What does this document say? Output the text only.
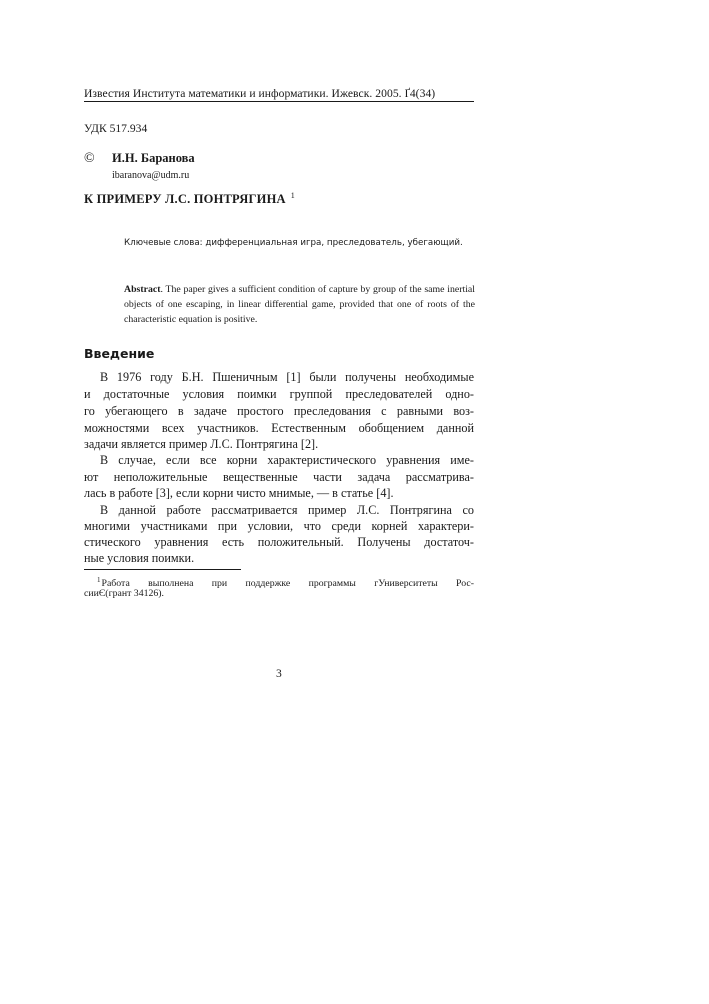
Известия Института математики и информатики. Ижевск. 2005. Ґ4(34)
УДК 517.934
© И.Н. Баранова
ibaranova@udm.ru
К ПРИМЕРУ Л.С. ПОНТРЯГИНА $^1$
Ключевые слова: дифференциальная игра, преследователь, убегающий.
Abstract. The paper gives a sufficient condition of capture by group of the same inertial objects of one escaping, in linear differential game, provided that one of roots of the characteristic equation is positive.
Введение
В 1976 году Б.Н. Пшеничным [1] были получены необходимые
и достаточные условия поимки группой преследователей одно-
го убегающего в задаче простого преследования с равными воз-
можностями всех участников. Естественным обобщением данной
задачи является пример Л.С. Понтрягина [2].
В случае, если все корни характеристического уравнения име-
ют неположительные вещественные части задача рассматрива-
лась в работе [3], если корни чисто мнимые, — в статье [4].
В данной работе рассматривается пример Л.С. Понтрягина со
многими участниками при условии, что среди корней характери-
стического уравнения есть положительный. Получены достаточ-
ные условия поимки.
$^1$Работа выполнена при поддержке программы гУниверситеты Рос-
сииЄ(грант 34126).
3
